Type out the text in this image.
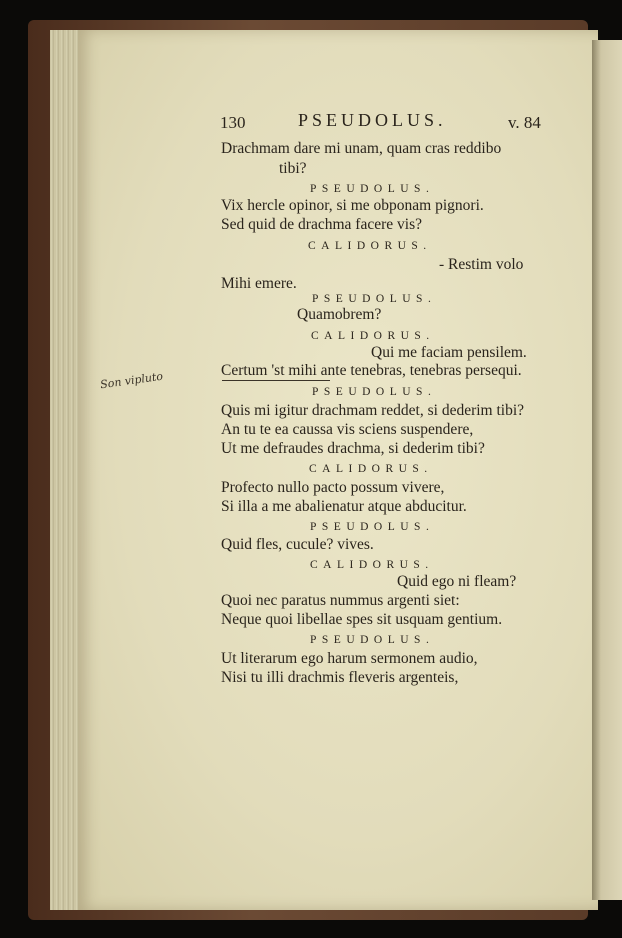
130	PSEUDOLUS.	v. 84
Drachmam dare mi unam, quam cras reddibo
tibi?
PSEUDOLUS.
Vix hercle opinor, si me obponam pignori.
Sed quid de drachma facere vis?
CALIDORUS.
- Restim volo
Mihi emere.
PSEUDOLUS.
Quamobrem?
CALIDORUS.
Qui me faciam pensilem.
Certum 'st mihi ante tenebras, tenebras persequi.
PSEUDOLUS.
Quis mi igitur drachmam reddet, si dederim tibi?
An tu te ea caussa vis sciens suspendere,
Ut me defraudes drachma, si dederim tibi?
CALIDORUS.
Profecto nullo pacto possum vivere,
Si illa a me abalienatur atque abducitur.
PSEUDOLUS.
Quid fles, cucule? vives.
CALIDORUS.
Quid ego ni fleam?
Quoi nec paratus nummus argenti siet:
Neque quoi libellae spes sit usquam gentium.
PSEUDOLUS.
Ut literarum ego harum sermonem audio,
Nisi tu illi drachmis fleveris argenteis,
Son vipluto
